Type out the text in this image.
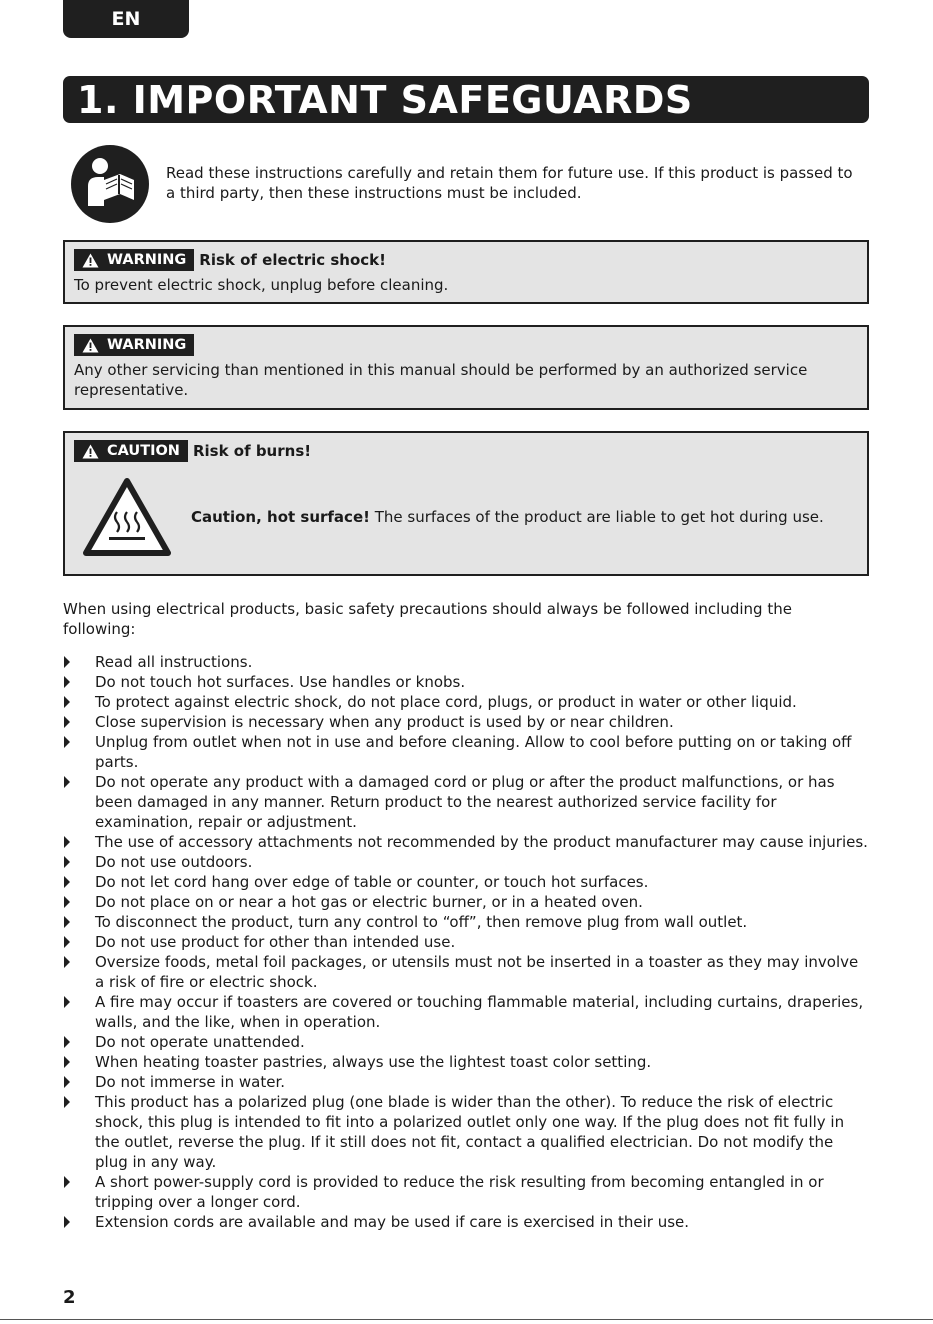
EN
1. IMPORTANT SAFEGUARDS
Read these instructions carefully and retain them for future use. If this product is passed to a third party, then these instructions must be included.
WARNING Risk of electric shock!
To prevent electric shock, unplug before cleaning.
WARNING
Any other servicing than mentioned in this manual should be performed by an authorized service representative.
CAUTION Risk of burns!
Caution, hot surface! The surfaces of the product are liable to get hot during use.
When using electrical products, basic safety precautions should always be followed including the following:
Read all instructions.
Do not touch hot surfaces. Use handles or knobs.
To protect against electric shock, do not place cord, plugs, or product in water or other liquid.
Close supervision is necessary when any product is used by or near children.
Unplug from outlet when not in use and before cleaning. Allow to cool before putting on or taking off parts.
Do not operate any product with a damaged cord or plug or after the product malfunctions, or has been damaged in any manner. Return product to the nearest authorized service facility for examination, repair or adjustment.
The use of accessory attachments not recommended by the product manufacturer may cause injuries.
Do not use outdoors.
Do not let cord hang over edge of table or counter, or touch hot surfaces.
Do not place on or near a hot gas or electric burner, or in a heated oven.
To disconnect the product, turn any control to “off”, then remove plug from wall outlet.
Do not use product for other than intended use.
Oversize foods, metal foil packages, or utensils must not be inserted in a toaster as they may involve a risk of fire or electric shock.
A fire may occur if toasters are covered or touching flammable material, including curtains, draperies, walls, and the like, when in operation.
Do not operate unattended.
When heating toaster pastries, always use the lightest toast color setting.
Do not immerse in water.
This product has a polarized plug (one blade is wider than the other). To reduce the risk of electric shock, this plug is intended to fit into a polarized outlet only one way. If the plug does not fit fully in the outlet, reverse the plug. If it still does not fit, contact a qualified electrician. Do not modify the plug in any way.
A short power-supply cord is provided to reduce the risk resulting from becoming entangled in or tripping over a longer cord.
Extension cords are available and may be used if care is exercised in their use.
2
